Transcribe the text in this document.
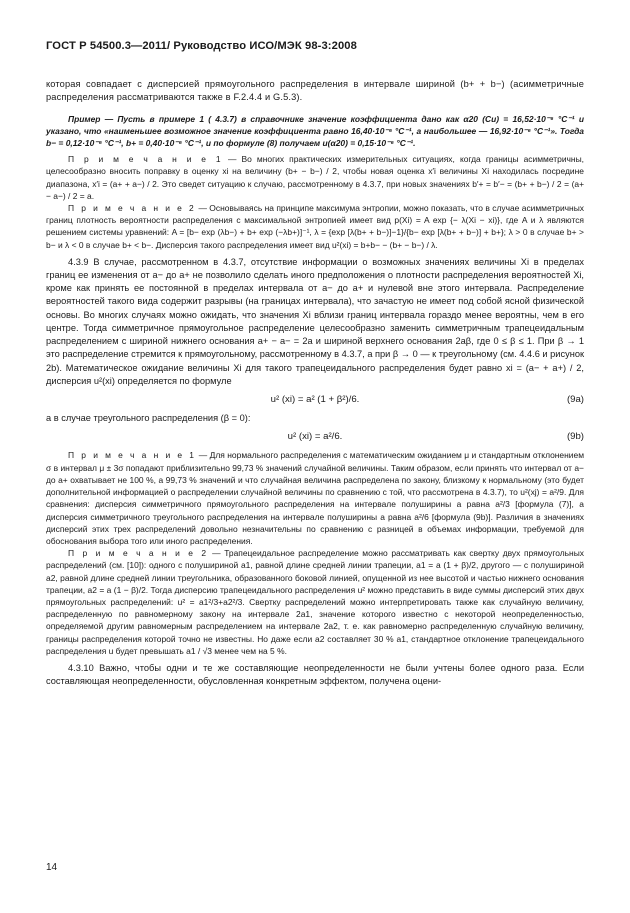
ГОСТ Р 54500.3—2011/ Руководство ИСО/МЭК 98-3:2008

которая совпадает с дисперсией прямоугольного распределения в интервале шириной (b+ + b−) (асимметричные распределения рассматриваются также в F.2.4.4 и G.5.3).

Пример — Пусть в примере 1 ( 4.3.7) в справочнике значение коэффициента дано как α20 (Cu) = 16,52·10⁻⁶ °C⁻¹ и указано, что «наименьшее возможное значение коэффициента равно 16,40·10⁻⁶ °C⁻¹, а наибольшее — 16,92·10⁻⁶ °C⁻¹». Тогда b− = 0,12·10⁻⁶ °C⁻¹, b+ = 0,40·10⁻⁶ °C⁻¹, и по формуле (8) получаем u(α20) = 0,15·10⁻⁶ °C⁻¹.

П р и м е ч а н и е 1 — Во многих практических измерительных ситуациях, когда границы асимметричны, целесообразно вносить поправку в оценку xi на величину (b+ − b−) / 2, чтобы новая оценка x′i величины Xi находилась посредине диапазона, x′i = (a+ + a−) / 2. Это сведет ситуацию к случаю, рассмотренному в 4.3.7, при новых значениях b′+ = b′− = (b+ + b−) / 2 = (a+ − a−) / 2 = a.

П р и м е ч а н и е 2 — Основываясь на принципе максимума энтропии, можно показать, что в случае асимметричных границ плотность вероятности распределения с максимальной энтропией имеет вид p(Xi) = A exp {− λ(Xi − xi)}, где A и λ являются решением системы уравнений: A = [b− exp (λb−) + b+ exp (−λb+)]⁻¹, λ = {exp [λ(b+ + b−)]−1}/{b− exp [λ(b+ + b−)] + b+}; λ > 0 в случае b+ > b− и λ < 0 в случае b+ < b−. Дисперсия такого распределения имеет вид u²(xi) = b+b− − (b+ − b−) / λ.

4.3.9 В случае, рассмотренном в 4.3.7, отсутствие информации о возможных значениях величины Xi в пределах границ ее изменения от a− до a+ не позволило сделать иного предположения о плотности распределения вероятностей Xi, кроме как принять ее постоянной в пределах интервала от a− до a+ и нулевой вне этого интервала. Распределение вероятностей такого вида содержит разрывы (на границах интервала), что зачастую не имеет под собой ясной физической основы. Во многих случаях можно ожидать, что значения Xi вблизи границ интервала гораздо менее вероятны, чем в его центре. Тогда симметричное прямоугольное распределение целесообразно заменить симметричным трапецеидальным распределением с шириной нижнего основания a+ − a− = 2a и шириной верхнего основания 2aβ, где 0 ≤ β ≤ 1. При β → 1 это распределение стремится к прямоугольному, рассмотренному в 4.3.7, а при β → 0 — к треугольному (см. 4.4.6 и рисунок 2b). Математическое ожидание величины Xi для такого трапецеидального распределения будет равно xi = (a− + a+) / 2, дисперсия u²(xi) определяется по формуле

u² (xi) = a² (1 + β²)/6.	(9a)

а в случае треугольного распределения (β = 0):

u² (xi) = a²/6.	(9b)

П р и м е ч а н и е 1 — Для нормального распределения с математическим ожиданием μ и стандартным отклонением σ в интервал μ ± 3σ попадают приблизительно 99,73 % значений случайной величины. Таким образом, если принять что интервал от a− до a+ охватывает не 100 %, а 99,73 % значений и что случайная величина распределена по закону, близкому к нормальному (это будет дополнительной информацией о распределении случайной величины по сравнению с той, что рассмотрена в 4.3.7), то u²(xj) = a²/9. Для сравнения: дисперсия симметричного прямоугольного распределения на интервале полуширины a равна a²/3 [формула (7)], а дисперсия симметричного треугольного распределения на интервале полуширины a равна a²/6 [формула (9b)]. Различия в значениях дисперсий этих трех распределений довольно незначительны по сравнению с разницей в объемах информации, требуемой для обоснования выбора того или иного распределения.

П р и м е ч а н и е 2 — Трапецеидальное распределение можно рассматривать как свертку двух прямоугольных распределений (см. [10]): одного с полушириной a1, равной длине средней линии трапеции, a1 = a (1 + β)/2, другого — с полушириной a2, равной длине средней линии треугольника, образованного боковой линией, опущенной из нее высотой и частью нижнего основания трапеции, a2 = a (1 − β)/2. Тогда дисперсию трапецеидального распределения u² можно представить в виде суммы дисперсий этих двух прямоугольных распределений: u² = a1²/3+a2²/3. Свертку распределений можно интерпретировать также как случайную величину, распределенную по равномерному закону на интервале 2a1, значение которого известно с некоторой неопределенностью, определяемой другим равномерным распределением на интервале 2a2, т. е. как равномерно распределенную случайную величину, границы распределения которой точно не известны. Но даже если a2 составляет 30 % a1, стандартное отклонение трапецеидального распределения u будет превышать a1 / √3 менее чем на 5 %.

4.3.10 Важно, чтобы одни и те же составляющие неопределенности не были учтены более одного раза. Если составляющая неопределенности, обусловленная конкретным эффектом, получена оцени-

14
